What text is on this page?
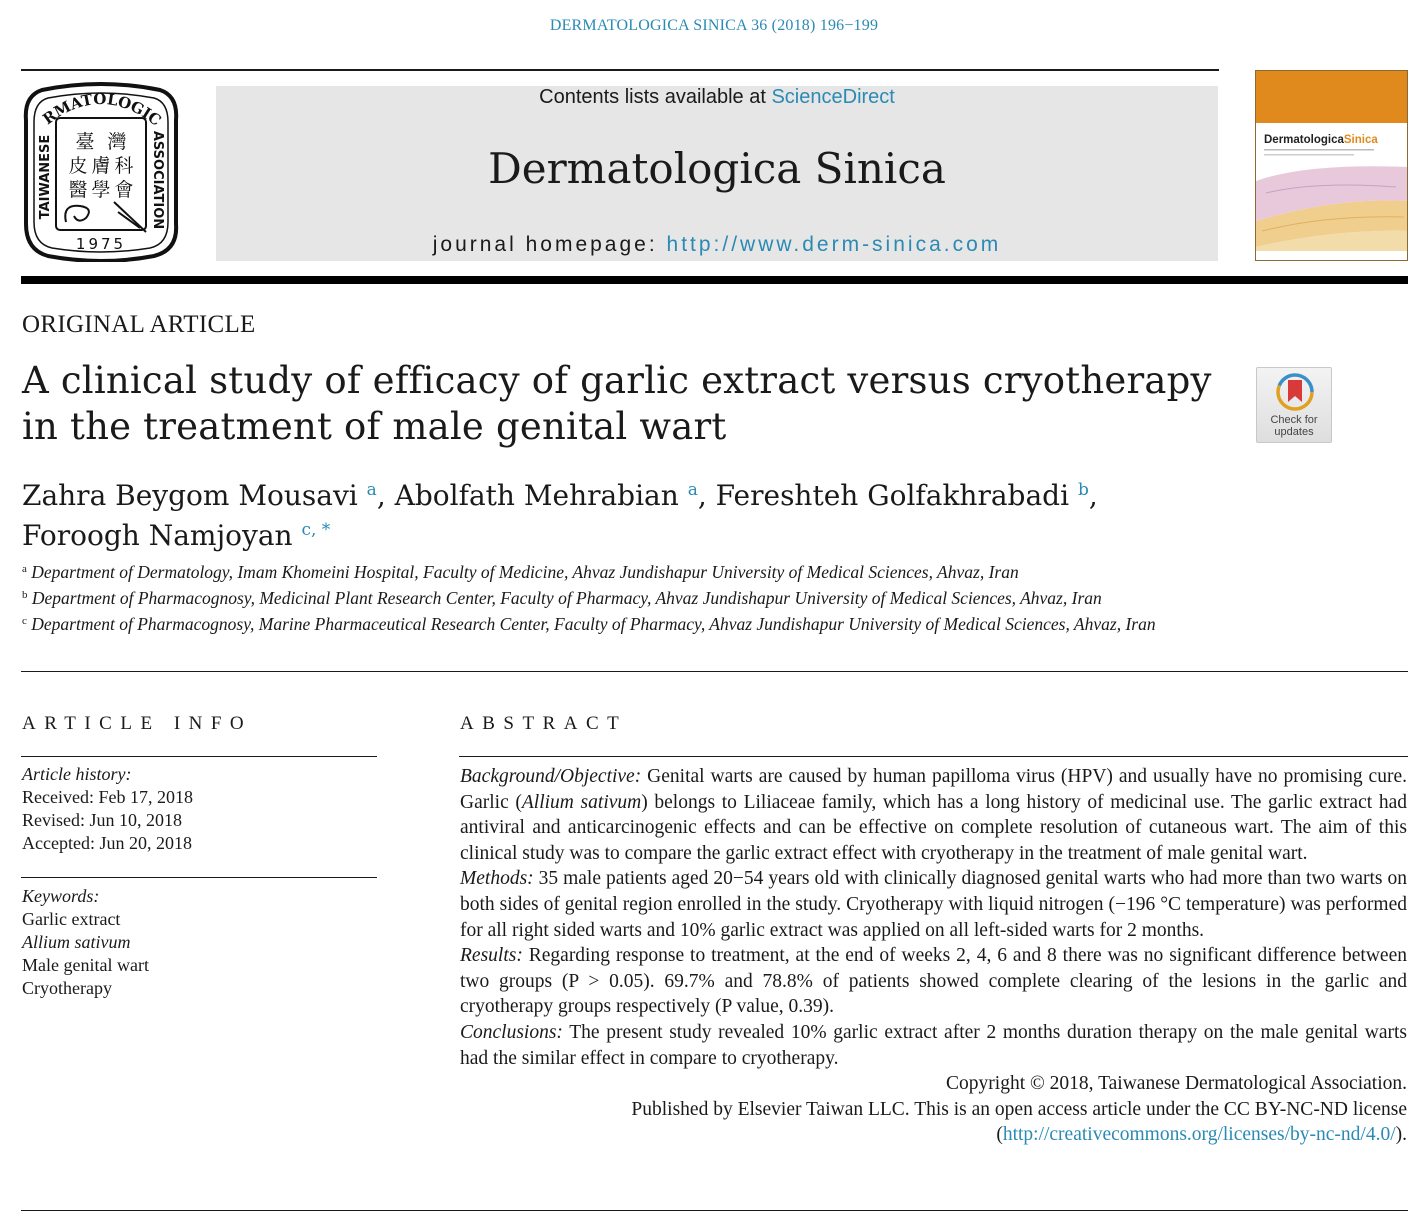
DERMATOLOGICA SINICA 36 (2018) 196−199
RMATOLOGIC
TAIWANESE	ASSOCIATION
臺 灣
皮 膚 科
醫 學 會
1975
Contents lists available at ScienceDirect
Dermatologica Sinica
journal homepage: http://www.derm-sinica.com
DermatologicaSinica
ORIGINAL ARTICLE
A clinical study of efficacy of garlic extract versus cryotherapy in the treatment of male genital wart	Check for
updates
Zahra Beygom Mousavi $^a$, Abolfath Mehrabian $^a$, Fereshteh Golfakhrabadi $^b$,
Foroogh Namjoyan $^{c, *}$
$^a$ Department of Dermatology, Imam Khomeini Hospital, Faculty of Medicine, Ahvaz Jundishapur University of Medical Sciences, Ahvaz, Iran
$^b$ Department of Pharmacognosy, Medicinal Plant Research Center, Faculty of Pharmacy, Ahvaz Jundishapur University of Medical Sciences, Ahvaz, Iran
$^c$ Department of Pharmacognosy, Marine Pharmaceutical Research Center, Faculty of Pharmacy, Ahvaz Jundishapur University of Medical Sciences, Ahvaz, Iran
ARTICLE INFO
Article history:
Received: Feb 17, 2018
Revised: Jun 10, 2018
Accepted: Jun 20, 2018
Keywords:
Garlic extract
Allium sativum
Male genital wart
Cryotherapy
ABSTRACT

Background/Objective: Genital warts are caused by human papilloma virus (HPV) and usually have no promising cure. Garlic (Allium sativum) belongs to Liliaceae family, which has a long history of medicinal use. The garlic extract had antiviral and anticarcinogenic effects and can be effective on complete resolution of cutaneous wart. The aim of this clinical study was to compare the garlic extract effect with cryotherapy in the treatment of male genital wart.

Methods: 35 male patients aged 20−54 years old with clinically diagnosed genital warts who had more than two warts on both sides of genital region enrolled in the study. Cryotherapy with liquid nitrogen (−196 °C temperature) was performed for all right sided warts and 10% garlic extract was applied on all left-sided warts for 2 months.

Results: Regarding response to treatment, at the end of weeks 2, 4, 6 and 8 there was no significant difference between two groups (P > 0.05). 69.7% and 78.8% of patients showed complete clearing of the lesions in the garlic and cryotherapy groups respectively (P value, 0.39).

Conclusions: The present study revealed 10% garlic extract after 2 months duration therapy on the male genital warts had the similar effect in compare to cryotherapy.

Copyright © 2018, Taiwanese Dermatological Association.

Published by Elsevier Taiwan LLC. This is an open access article under the CC BY-NC-ND license (http://creativecommons.org/licenses/by-nc-nd/4.0/).
